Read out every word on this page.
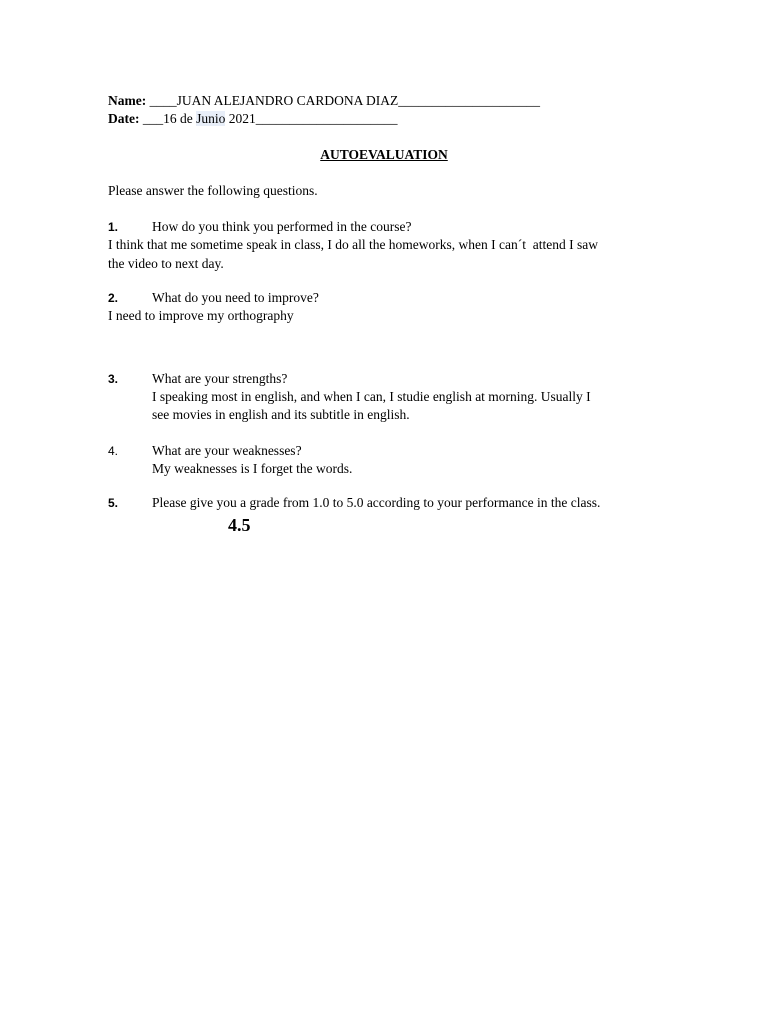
Name: ____JUAN ALEJANDRO CARDONA DIAZ_____________________
Date: ___16 de Junio 2021_____________________
AUTOEVALUATION
Please answer the following questions.
1.	How do you think you performed in the course?
I think that me sometime speak in class, I do all the homeworks, when I can´t  attend I saw
the video to next day.
2.	What do you need to improve?
I need to improve my orthography
3.	What are your strengths?
I speaking most in english, and when I can, I studie english at morning. Usually I
see movies in english and its subtitle in english.
4.	What are your weaknesses?
My weaknesses is I forget the words.
5.	Please give you a grade from 1.0 to 5.0 according to your performance in the class.
4.5
